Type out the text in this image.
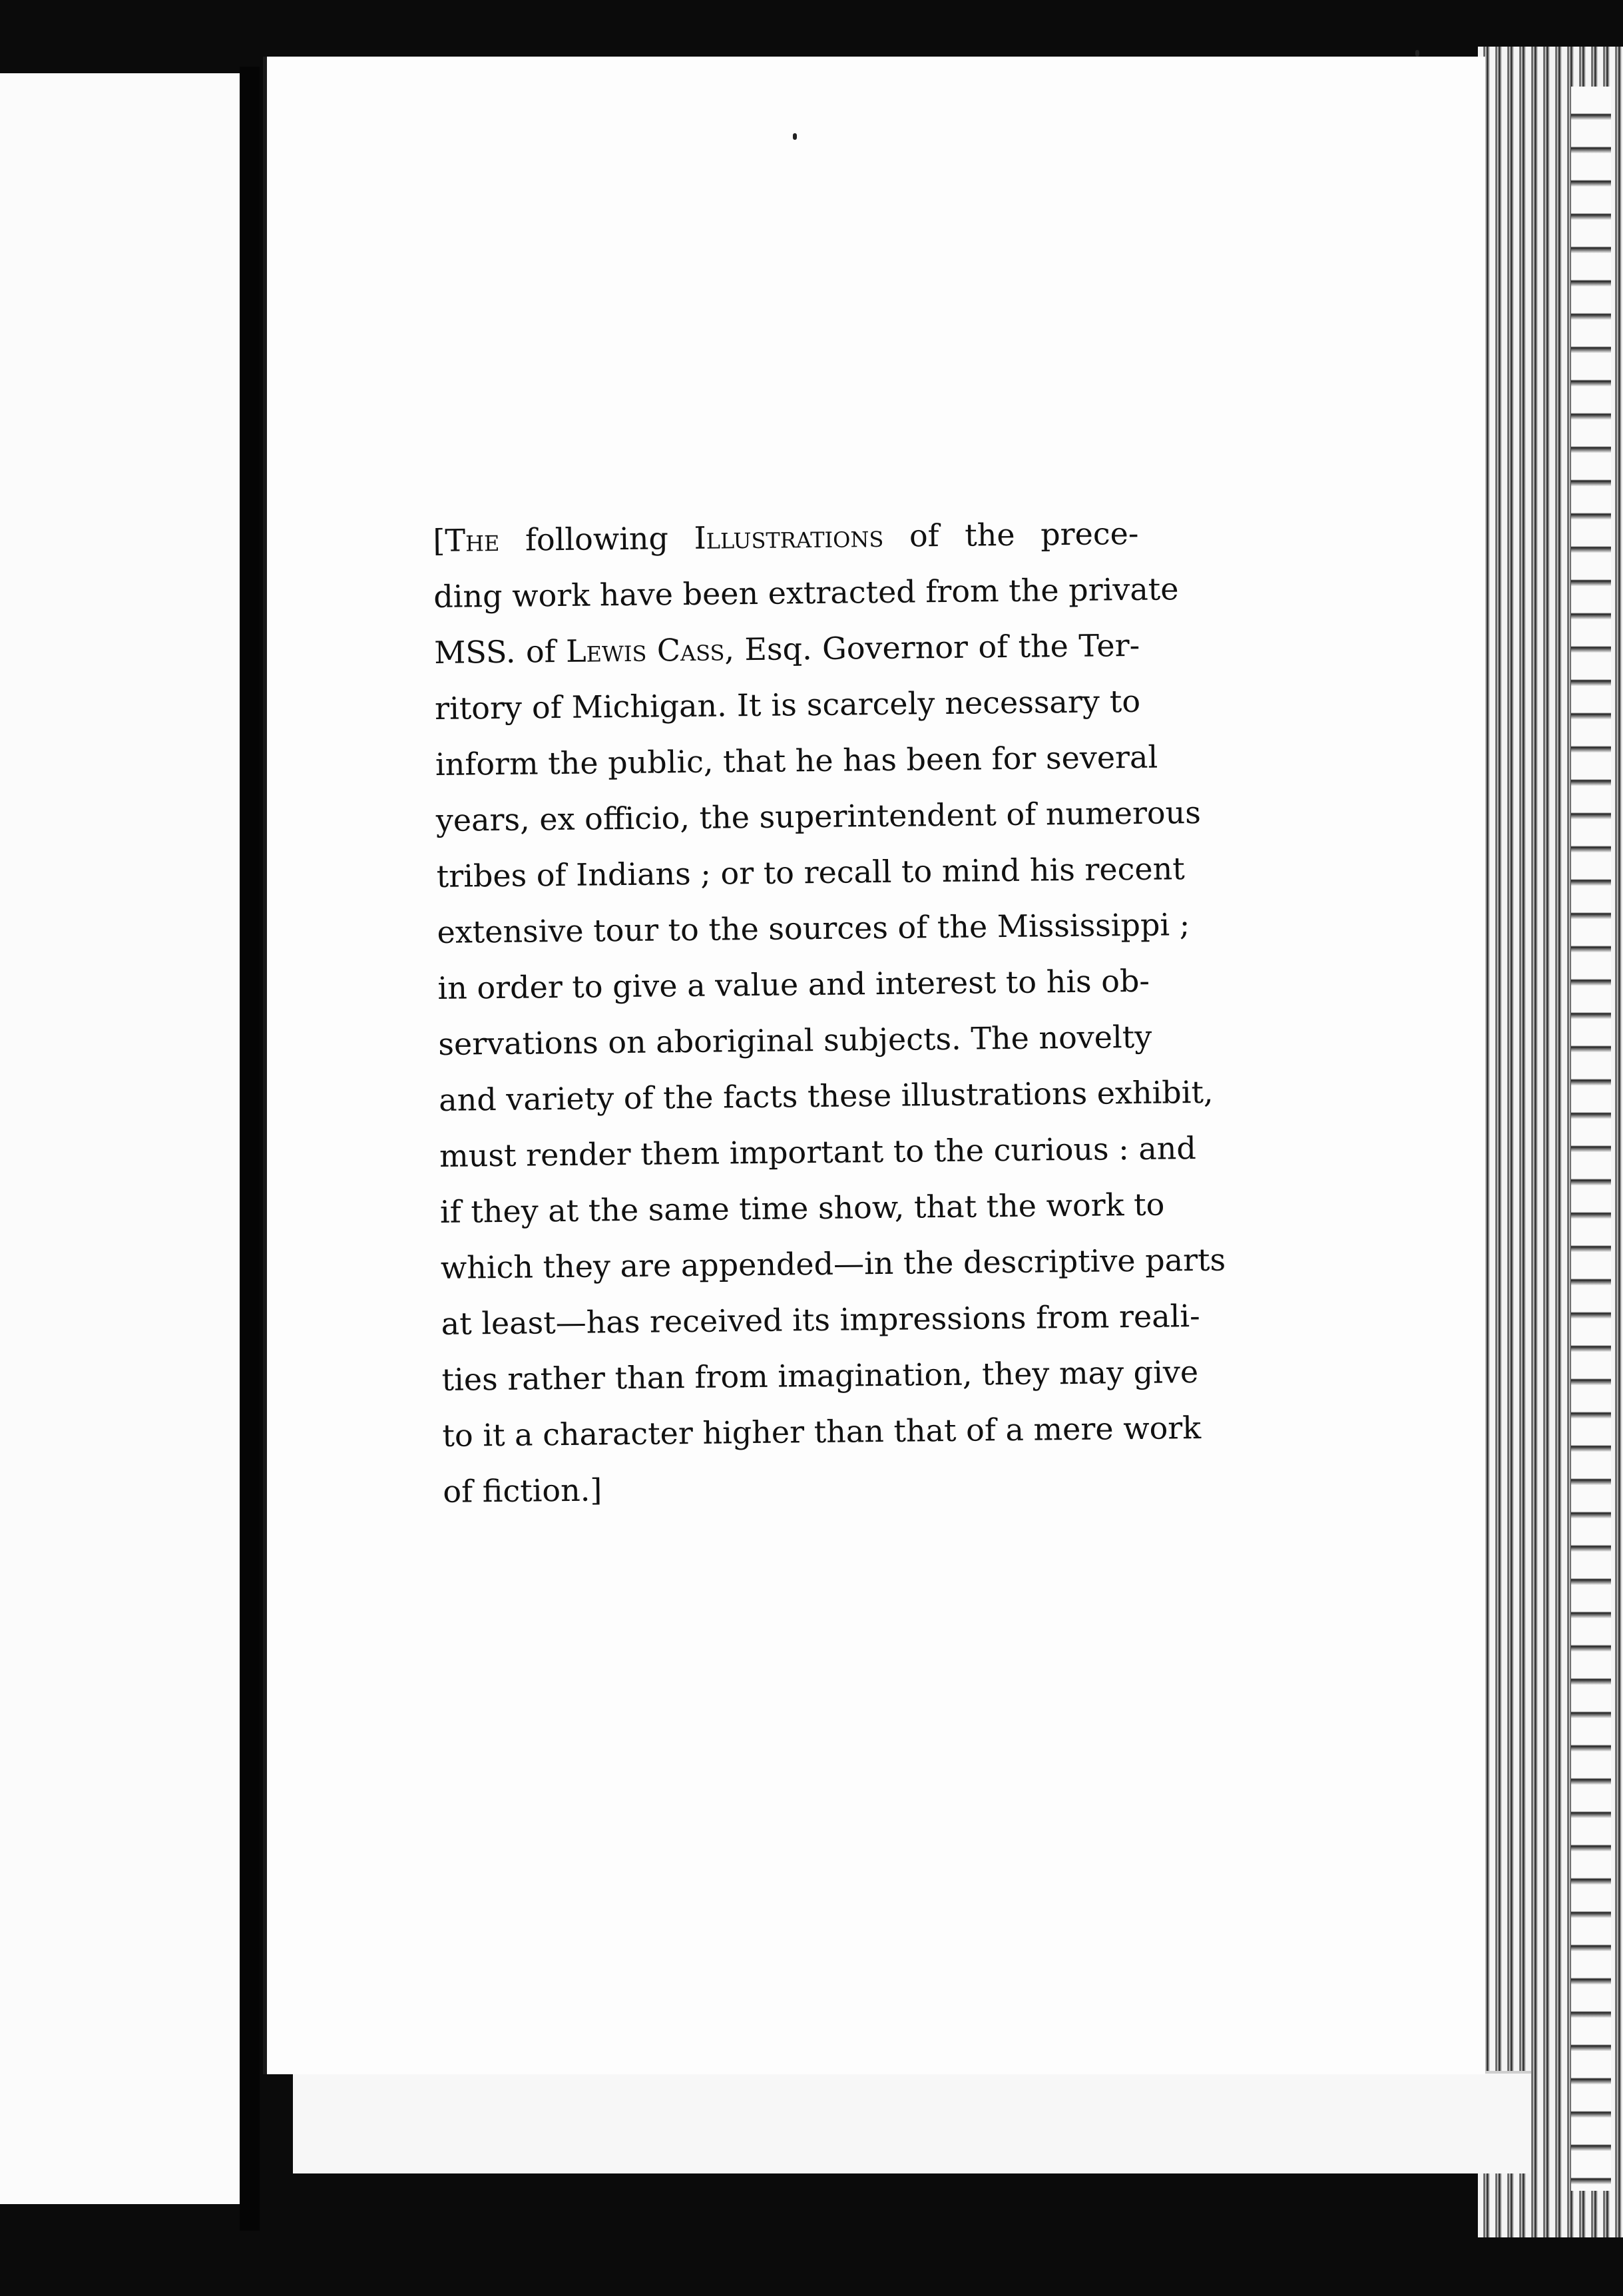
[The following Illustrations of the prece-
ding work have been extracted from the private
MSS. of Lewis Cass, Esq. Governor of the Ter-
ritory of Michigan. It is scarcely necessary to
inform the public, that he has been for several
years, ex officio, the superintendent of numerous
tribes of Indians ; or to recall to mind his recent
extensive tour to the sources of the Mississippi ;
in order to give a value and interest to his ob-
servations on aboriginal subjects. The novelty
and variety of the facts these illustrations exhibit,
must render them important to the curious : and
if they at the same time show, that the work to
which they are appended—in the descriptive parts
at least—has received its impressions from reali-
ties rather than from imagination, they may give
to it a character higher than that of a mere work
of fiction.]
